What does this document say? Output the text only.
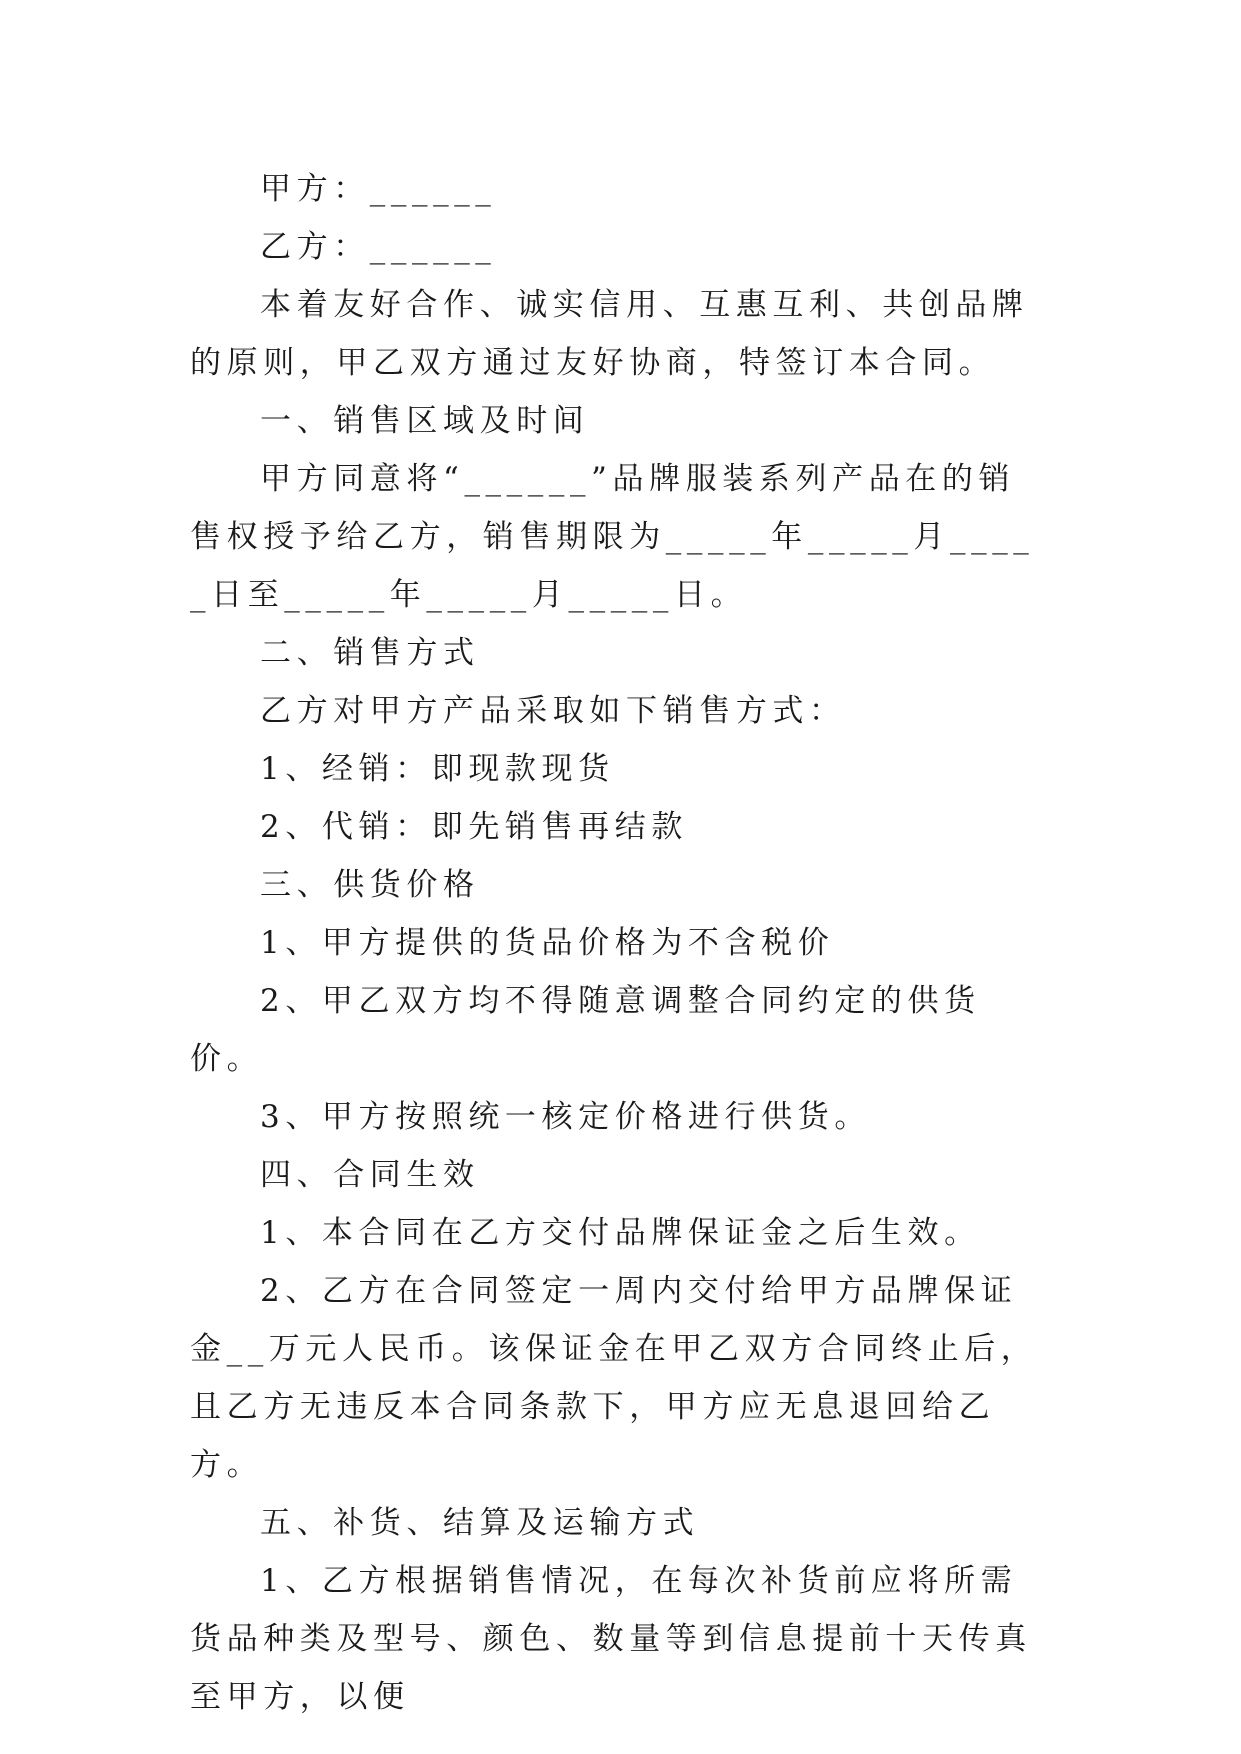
甲方：______

乙方：______

本着友好合作、诚实信用、互惠互利、共创品牌的原则，甲乙双方通过友好协商，特签订本合同。

一、销售区域及时间

甲方同意将“______”品牌服装系列产品在的销售权授予给乙方，销售期限为_____年_____月_____日至_____年_____月_____日。

二、销售方式

乙方对甲方产品采取如下销售方式：

1、经销：即现款现货

2、代销：即先销售再结款

三、供货价格

1、甲方提供的货品价格为不含税价

2、甲乙双方均不得随意调整合同约定的供货价。

3、甲方按照统一核定价格进行供货。

四、合同生效

1、本合同在乙方交付品牌保证金之后生效。

2、乙方在合同签定一周内交付给甲方品牌保证金__万元人民币。该保证金在甲乙双方合同终止后，且乙方无违反本合同条款下，甲方应无息退回给乙方。

五、补货、结算及运输方式

1、乙方根据销售情况，在每次补货前应将所需货品种类及型号、颜色、数量等到信息提前十天传真至甲方，以便
